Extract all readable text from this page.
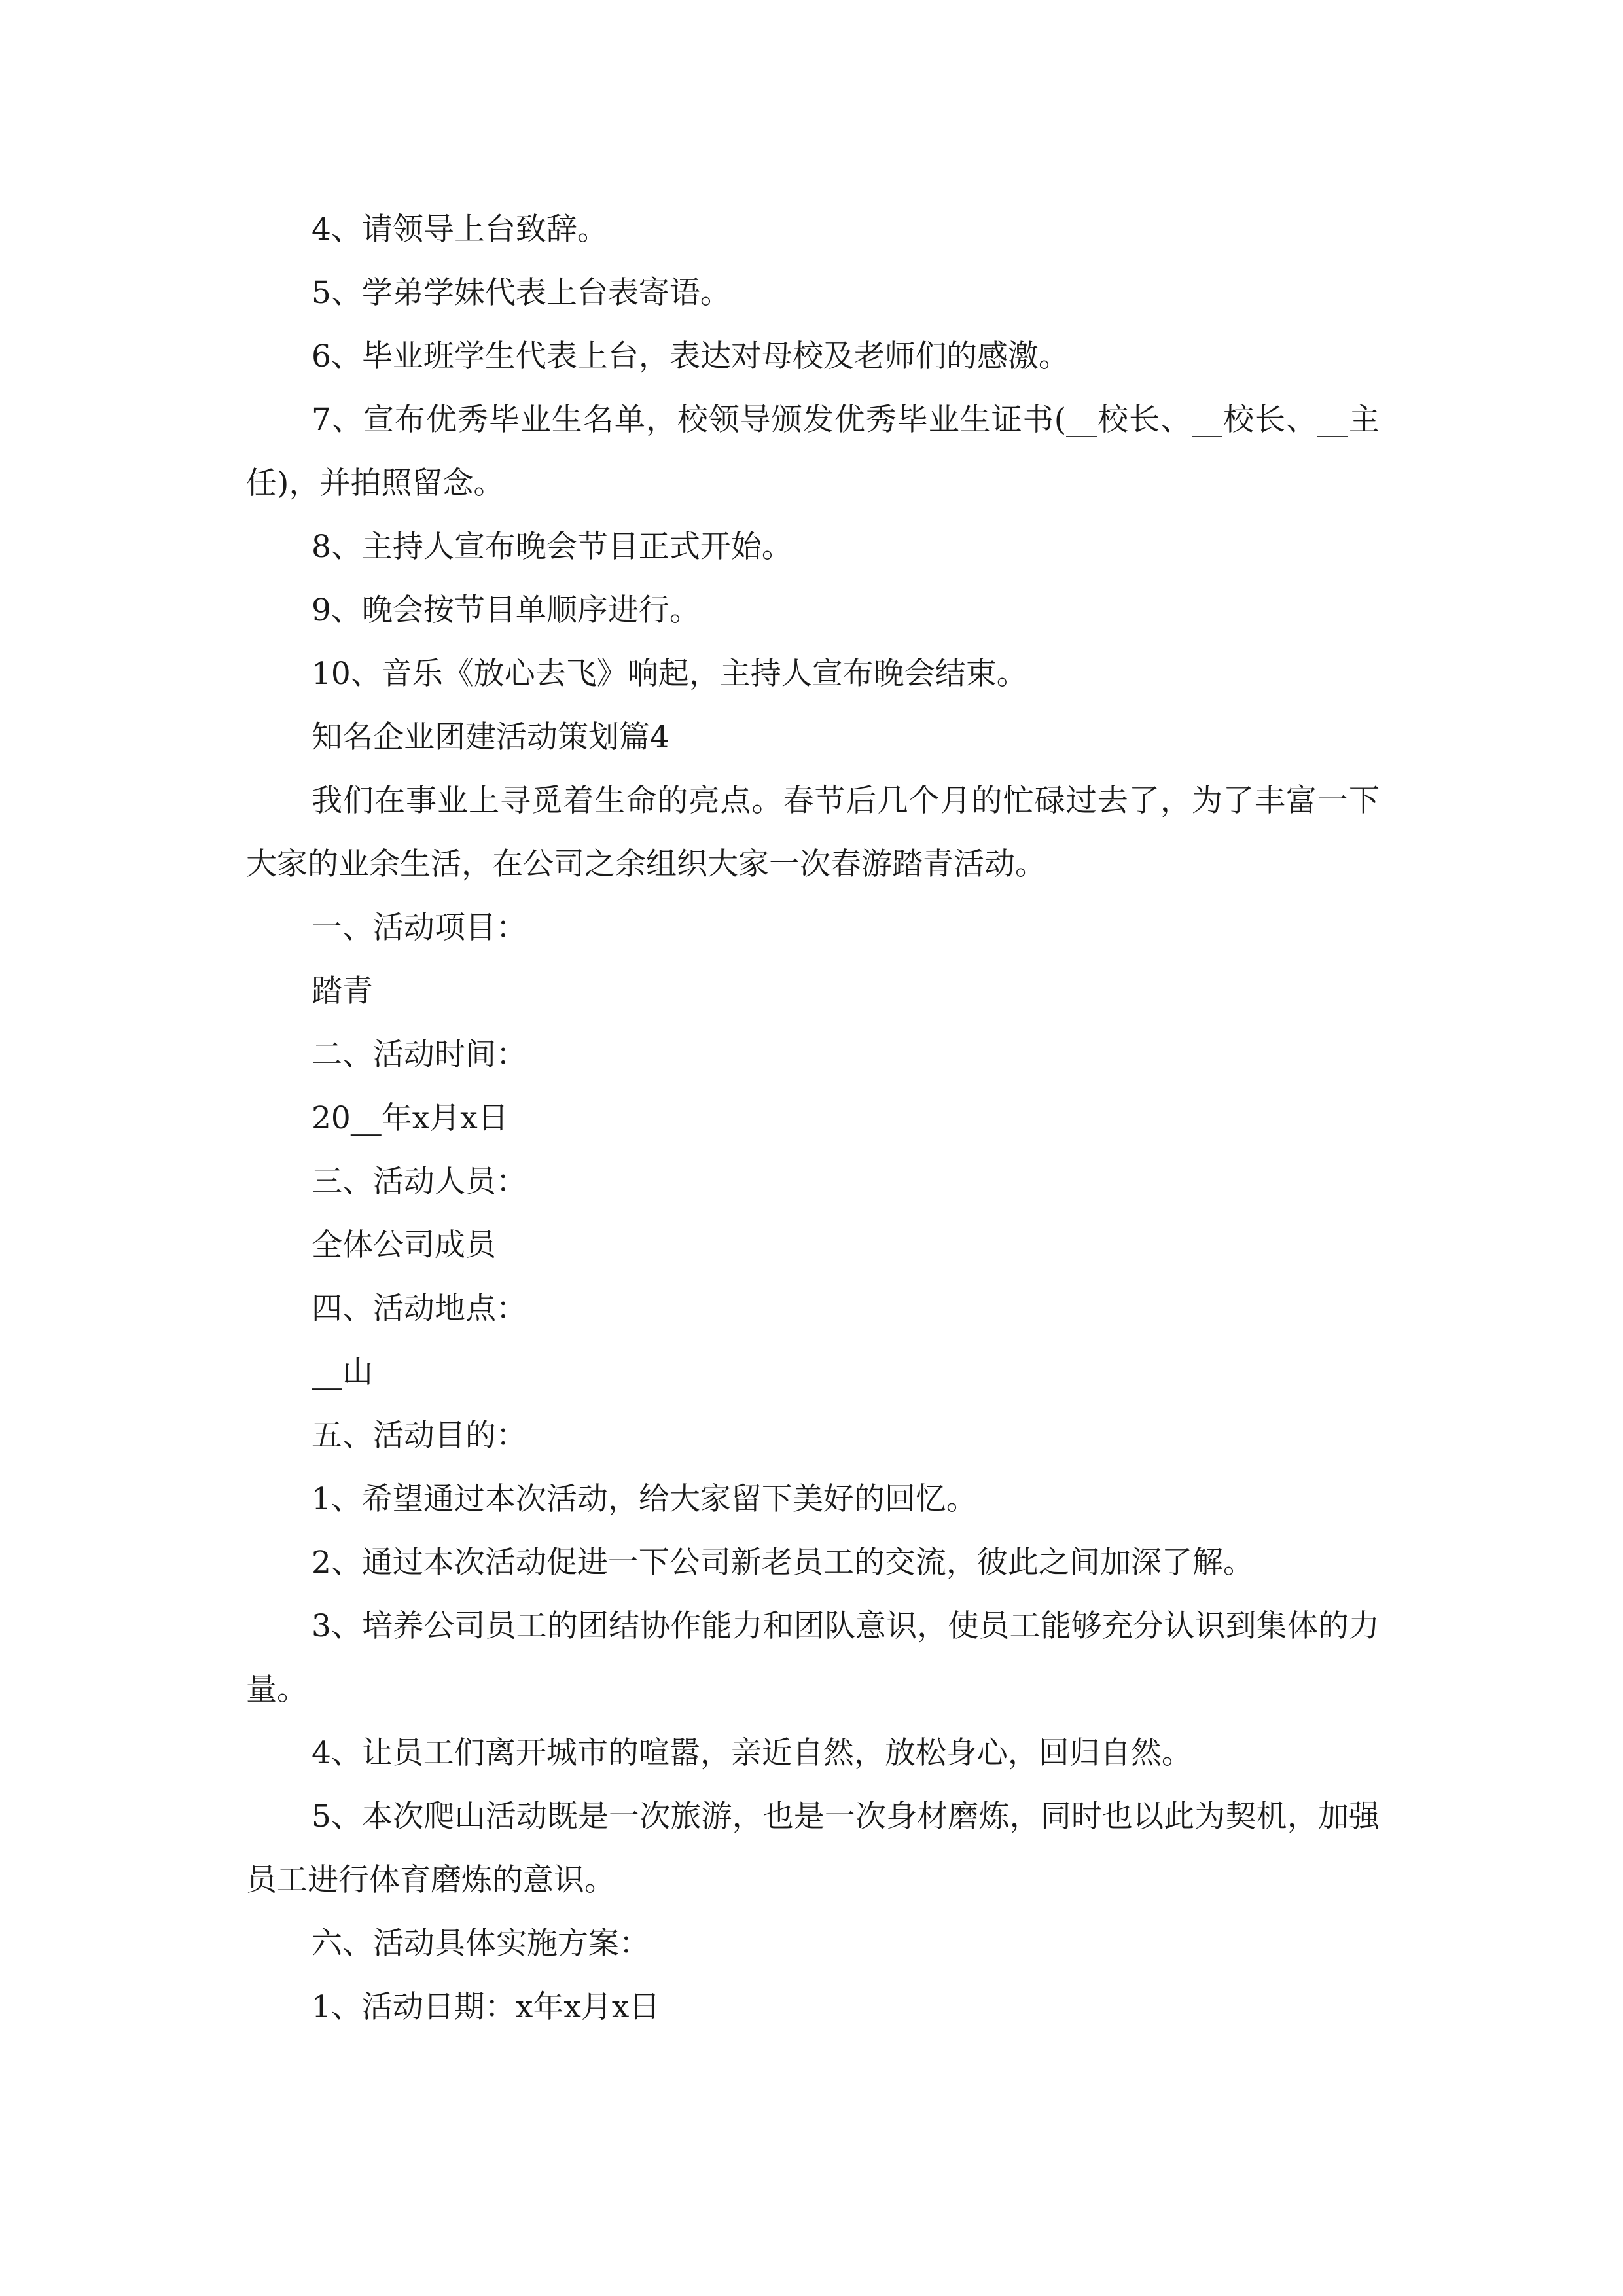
4、请领导上台致辞。

5、学弟学妹代表上台表寄语。

6、毕业班学生代表上台，表达对母校及老师们的感激。

7、宣布优秀毕业生名单，校领导颁发优秀毕业生证书(__校长、__校长、__主任)，并拍照留念。

8、主持人宣布晚会节目正式开始。

9、晚会按节目单顺序进行。

10、音乐《放心去飞》响起，主持人宣布晚会结束。

知名企业团建活动策划篇4

我们在事业上寻觅着生命的亮点。春节后几个月的忙碌过去了，为了丰富一下大家的业余生活，在公司之余组织大家一次春游踏青活动。

一、活动项目：

踏青

二、活动时间：

20__年x月x日

三、活动人员：

全体公司成员

四、活动地点：

__山

五、活动目的：

1、希望通过本次活动，给大家留下美好的回忆。

2、通过本次活动促进一下公司新老员工的交流，彼此之间加深了解。

3、培养公司员工的团结协作能力和团队意识，使员工能够充分认识到集体的力量。

4、让员工们离开城市的喧嚣，亲近自然，放松身心，回归自然。

5、本次爬山活动既是一次旅游，也是一次身材磨炼，同时也以此为契机，加强员工进行体育磨炼的意识。

六、活动具体实施方案：

1、活动日期：x年x月x日
